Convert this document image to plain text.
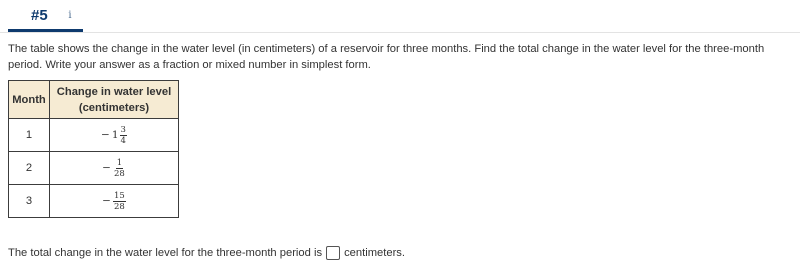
#5	i
The table shows the change in the water level (in centimeters) of a reservoir for three months. Find the total change in the water level for the three-month period. Write your answer as a fraction or mixed number in simplest form.
Month	Change in water level (centimeters)
1	− $1 \frac{3}{4}$

2	− $\frac{1}{28}$

3	− $\frac{15}{28}$
The total change in the water level for the three-month period is centimeters.
